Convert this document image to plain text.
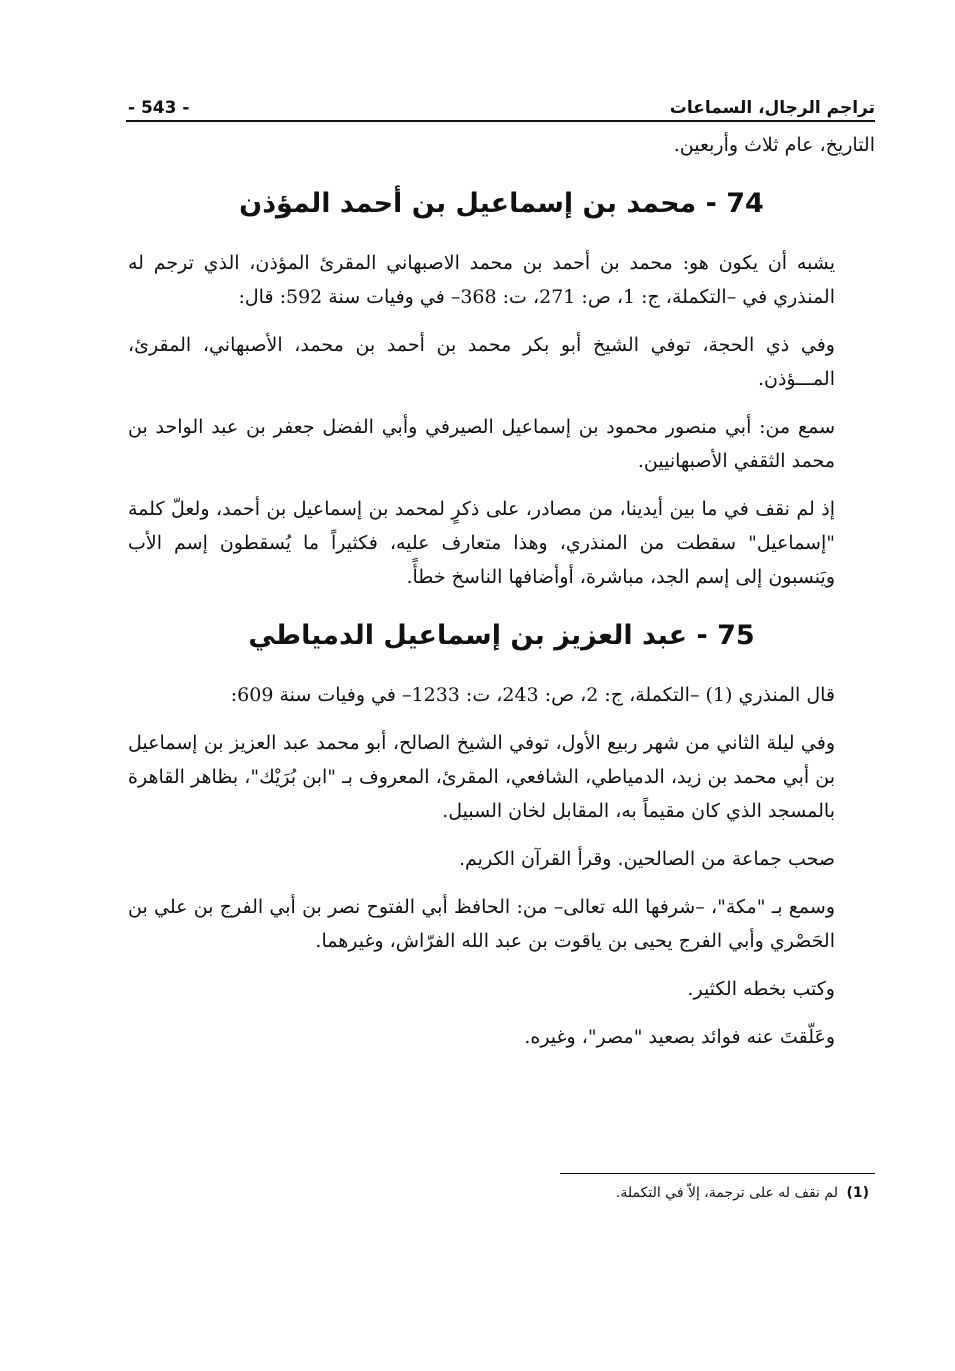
تراجم الرجال، السماعات
- 543 -

التاريخ، عام ثلاث وأربعين.

74 - محمد بن إسماعيل بن أحمد المؤذن

يشبه أن يكون هو: محمد بن أحمد بن محمد الاصبهاني المقرئ المؤذن، الذي ترجم له المنذري في –التكملة، ج: 1، ص: 271، ت: 368– في وفيات سنة 592: قال:

وفي ذي الحجة، توفي الشيخ أبو بكر محمد بن أحمد بن محمد، الأصبهاني، المقرئ، المـــؤذن.

سمع من: أبي منصور محمود بن إسماعيل الصيرفي وأبي الفضل جعفر بن عبد الواحد بن محمد الثقفي الأصبهانيين.

إذ لم نقف في ما بين أيدينا، من مصادر، على ذكرٍ لمحمد بن إسماعيل بن أحمد، ولعلّ كلمة "إسماعيل" سقطت من المنذري، وهذا متعارف عليه، فكثيراً ما يُسقطون إسم الأب ويَنسبون إلى إسم الجد، مباشرة، أوأضافها الناسخ خطأً.

75 - عبد العزيز بن إسماعيل الدمياطي

قال المنذري (1) –التكملة، ج: 2، ص: 243، ت: 1233– في وفيات سنة 609:

وفي ليلة الثاني من شهر ربيع الأول، توفي الشيخ الصالح، أبو محمد عبد العزيز بن إسماعيل بن أبي محمد بن زيد، الدمياطي، الشافعي، المقرئ، المعروف بـ "ابن بُرَيْك"، بظاهر القاهرة بالمسجد الذي كان مقيماً به، المقابل لخان السبيل.

صحب جماعة من الصالحين. وقرأ القرآن الكريم.

وسمع بـ "مكة"، –شرفها الله تعالى– من: الحافظ أبي الفتوح نصر بن أبي الفرج بن علي بن الحَصْري وأبي الفرج يحيى بن ياقوت بن عبد الله الفرّاش، وغيرهما.

وكتب بخطه الكثير.

وعَلّقتَ عنه فوائد بصعيد "مصر"، وغيره.

(1) لم نقف له على ترجمة، إلاّ في التكملة.
